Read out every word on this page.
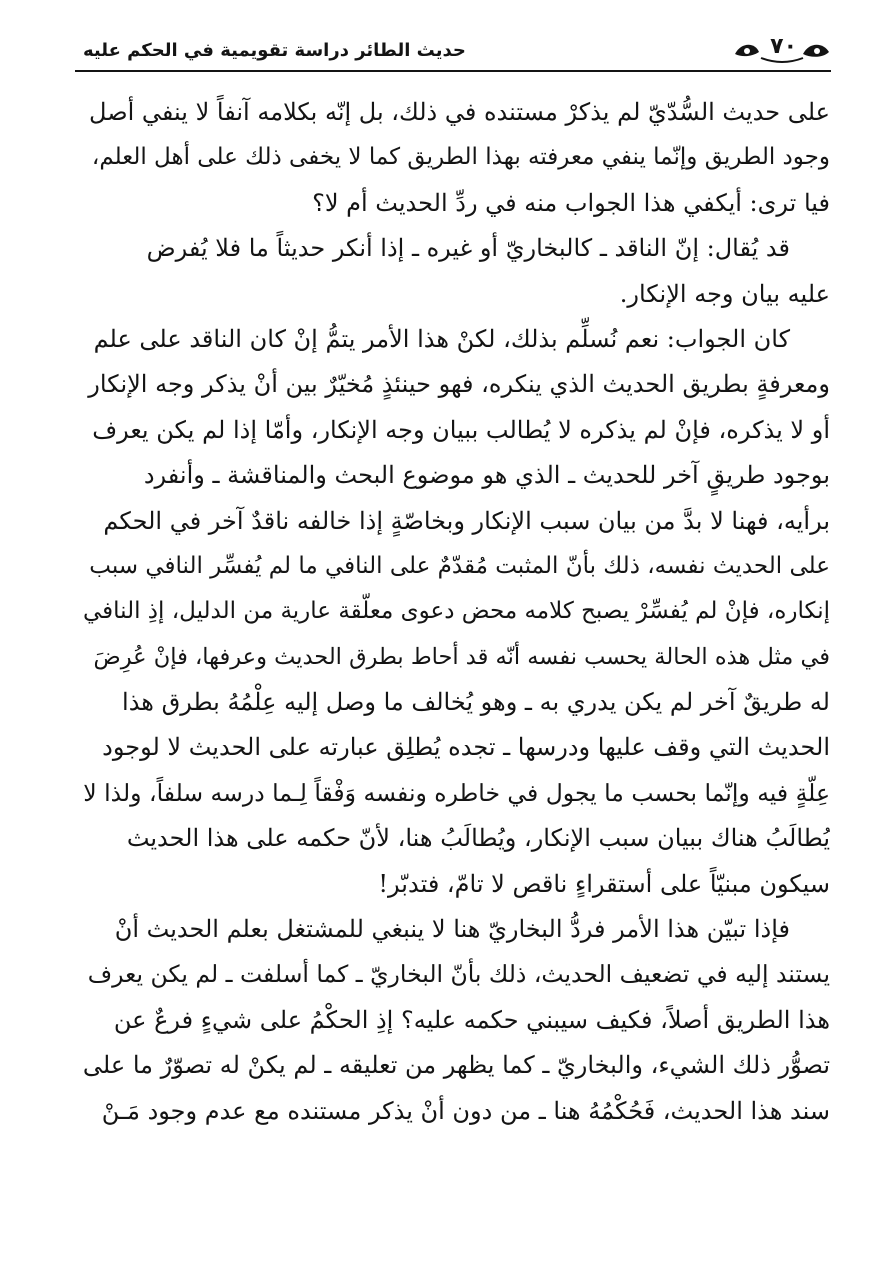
حديث الطائر دراسة تقويمية في الحكم عليه	٧٠

على حديث السُّدّيّ لم يذكرْ مستنده في ذلك، بل إنّه بكلامه آنفاً لا ينفي أصل
وجود الطريق وإنّما ينفي معرفته بهذا الطريق كما لا يخفى ذلك على أهل العلم،
فيا ترى: أيكفي هذا الجواب منه في ردِّ الحديث أم لا؟

قد يُقال: إنّ الناقد ـ كالبخاريّ أو غيره ـ إذا أنكر حديثاً ما فلا يُفرض
عليه بيان وجه الإنكار.

كان الجواب: نعم نُسلِّم بذلك، لكنْ هذا الأمر يتمُّ إنْ كان الناقد على علم
ومعرفةٍ بطريق الحديث الذي ينكره، فهو حينئذٍ مُخيّرٌ بين أنْ يذكر وجه الإنكار
أو لا يذكره، فإنْ لم يذكره لا يُطالب ببيان وجه الإنكار، وأمّا إذا لم يكن يعرف
بوجود طريقٍ آخر للحديث ـ الذي هو موضوع البحث والمناقشة ـ وأنفرد
برأيه، فهنا لا بدَّ من بيان سبب الإنكار وبخاصّةٍ إذا خالفه ناقدٌ آخر في الحكم
على الحديث نفسه، ذلك بأنّ المثبت مُقدّمٌ على النافي ما لم يُفسِّر النافي سبب
إنكاره، فإنْ لم يُفسِّرْ يصبح كلامه محض دعوى معلّقة عارية من الدليل، إذِ النافي
في مثل هذه الحالة يحسب نفسه أنّه قد أحاط بطرق الحديث وعرفها، فإنْ عُرِضَ
له طريقٌ آخر لم يكن يدري به ـ وهو يُخالف ما وصل إليه عِلْمُهُ بطرق هذا
الحديث التي وقف عليها ودرسها ـ تجده يُطلِق عبارته على الحديث لا لوجود
عِلّةٍ فيه وإنّما بحسب ما يجول في خاطره ونفسه وَفْقاً لِـما درسه سلفاً، ولذا لا
يُطالَبُ هناك ببيان سبب الإنكار، ويُطالَبُ هنا، لأنّ حكمه على هذا الحديث
سيكون مبنيّاً على أستقراءٍ ناقص لا تامّ، فتدبّر!

فإذا تبيّن هذا الأمر فردُّ البخاريّ هنا لا ينبغي للمشتغل بعلم الحديث أنْ
يستند إليه في تضعيف الحديث، ذلك بأنّ البخاريّ ـ كما أسلفت ـ لم يكن يعرف
هذا الطريق أصلاً، فكيف سيبني حكمه عليه؟ إذِ الحكْمُ على شيءٍ فرعٌ عن
تصوُّر ذلك الشيء، والبخاريّ ـ كما يظهر من تعليقه ـ لم يكنْ له تصوّرٌ ما على
سند هذا الحديث، فَحُكْمُهُ هنا ـ من دون أنْ يذكر مستنده مع عدم وجود مَـنْ
